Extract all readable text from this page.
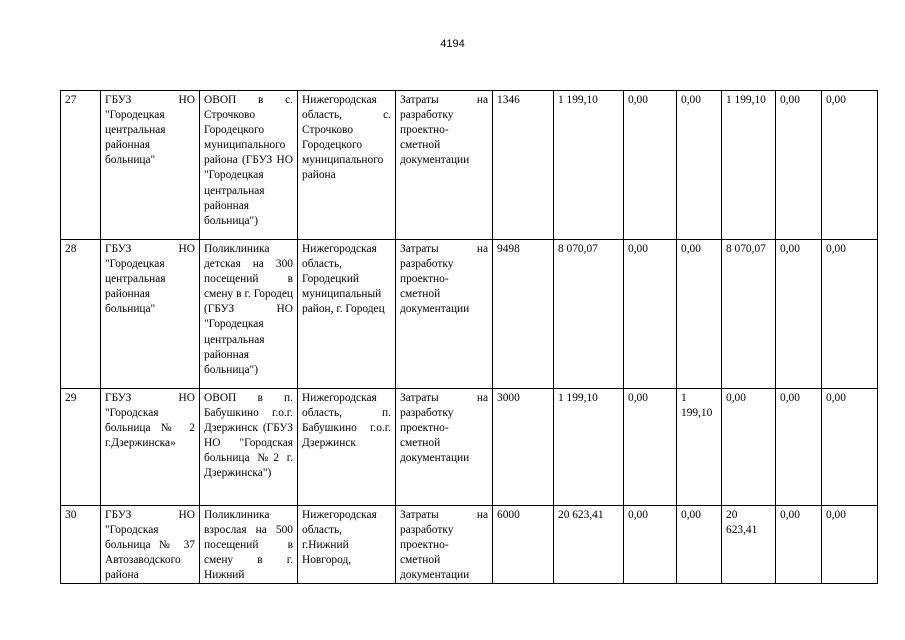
4194
27	ГБУЗ НО "Городецкая центральная районная больница"	ОВОП в с. Строчково Городецкого муниципального района (ГБУЗ НО "Городецкая центральная районная больница")	Нижегородская область, с. Строчково Городецкого муниципального района	Затраты на разработку проектно-сметной документации	1346	1 199,10	0,00	0,00	1 199,10	0,00	0,00
28	ГБУЗ НО "Городецкая центральная районная больница"	Поликлиника детская на 300 посещений в смену в г. Городец (ГБУЗ НО "Городецкая центральная районная больница")	Нижегородская область, Городецкий муниципальный район, г. Городец	Затраты на разработку проектно-сметной документации	9498	8 070,07	0,00	0,00	8 070,07	0,00	0,00
29	ГБУЗ НО "Городская больница № 2 г.Дзержинска»	ОВОП в п. Бабушкино г.о.г. Дзержинск (ГБУЗ НО "Городская больница №2 г. Дзержинска")	Нижегородская область, п. Бабушкино г.о.г. Дзержинск	Затраты на разработку проектно-сметной документации	3000	1 199,10	0,00	1 199,10	0,00	0,00	0,00
30	ГБУЗ НО "Городская больница № 37 Автозаводского района	Поликлиника взрослая на 500 посещений в смену в г. Нижний	Нижегородская область, г.Нижний Новгород,	Затраты на разработку проектно-сметной документации	6000	20 623,41	0,00	0,00	20 623,41	0,00	0,00
